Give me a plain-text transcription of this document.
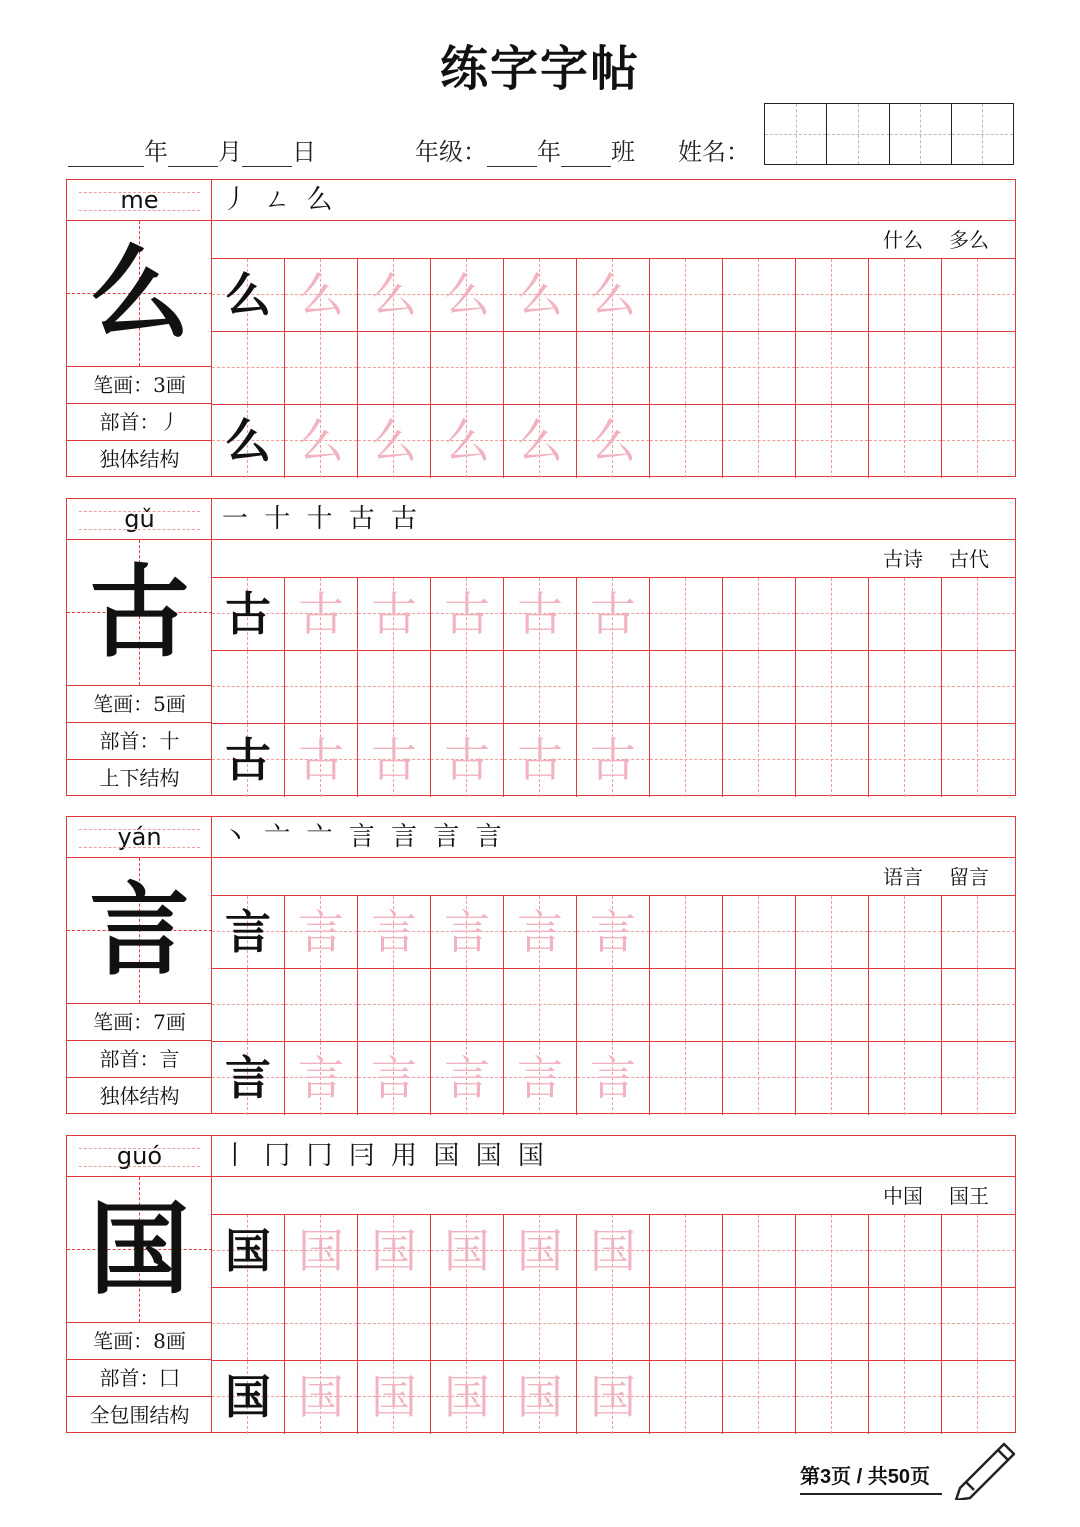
练字字帖
年 月 日	年级： 年 班 姓名：
me
么
笔画：3画
部首：丿
独体结构
丿 ㄥ 么
什么 多么
么 么 么 么 么 么
么 么 么 么 么 么
gǔ
古
笔画：5画
部首：十
上下结构
一 十 十 古 古
古诗 古代
古 古 古 古 古 古
古 古 古 古 古 古
yán
言
笔画：7画
部首：言
独体结构
丶 亠 亠 言 言 言 言
语言 留言
言 言 言 言 言 言
言 言 言 言 言 言
guó
国
笔画：8画
部首：囗
全包围结构
丨 冂 冂 冃 用 国 国 国
中国 国王
国 国 国 国 国 国
国 国 国 国 国 国
第3页 / 共50页
